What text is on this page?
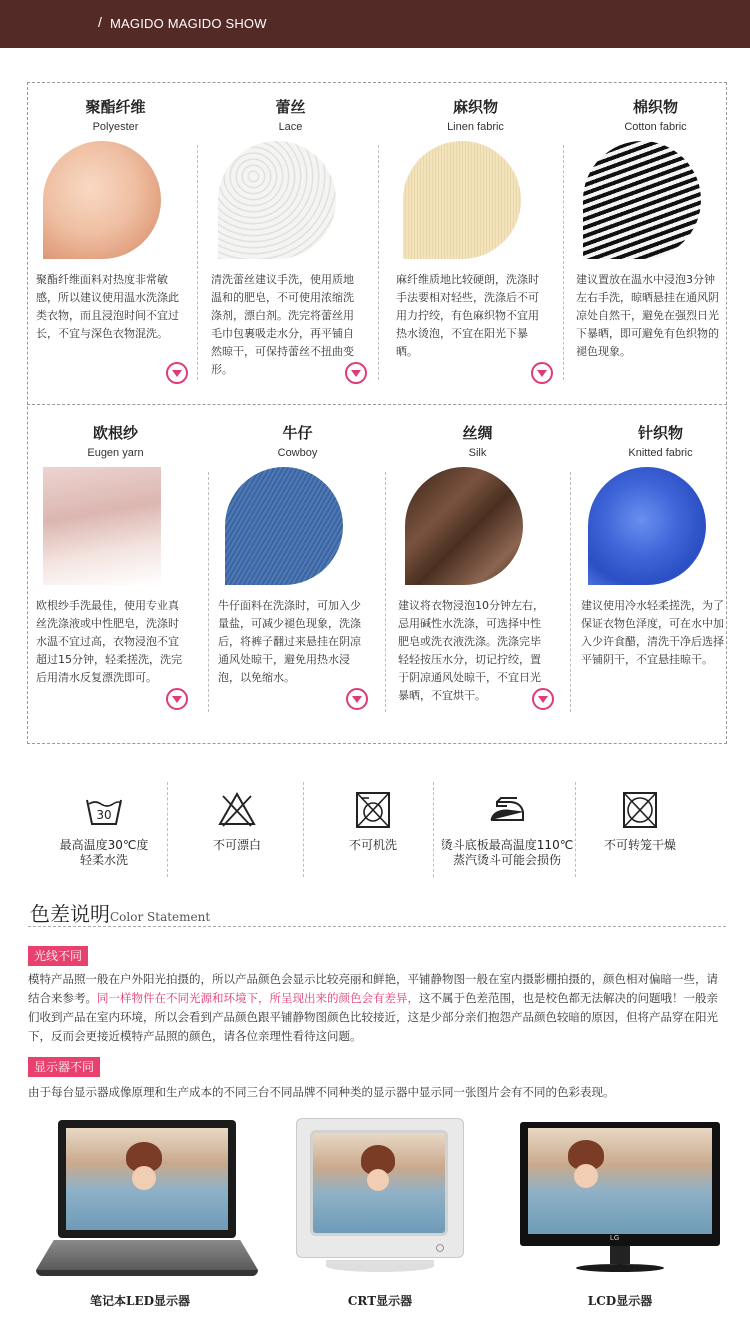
/ MAGIDO MAGIDO SHOW
聚酯纤维
Polyester
聚酯纤维面料对热度非常敏感，所以建议使用温水洗涤此类衣物，而且浸泡时间不宜过长，不宜与深色衣物混洗。
蕾丝
Lace
清洗蕾丝建议手洗，使用质地温和的肥皂，不可使用浓缩洗涤剂，漂白剂。洗完将蕾丝用毛巾包裹吸走水分，再平铺自然晾干，可保持蕾丝不扭曲变形。
麻织物
Linen fabric
麻纤维质地比较硬朗，洗涤时手法要相对轻些，洗涤后不可用力拧绞，有色麻织物不宜用热水烫泡，不宜在阳光下暴晒。
棉织物
Cotton fabric
建议置放在温水中浸泡3分钟左右手洗，晾晒悬挂在通风阴凉处自然干，避免在强烈日光下暴晒，即可避免有色织物的褪色现象。
欧根纱
Eugen yarn
欧根纱手洗最佳，使用专业真丝洗涤液或中性肥皂，洗涤时水温不宜过高，衣物浸泡不宜超过15分钟，轻柔搓洗，洗完后用清水反复漂洗即可。
牛仔
Cowboy
牛仔面料在洗涤时，可加入少量盐，可减少褪色现象，洗涤后，将裤子翻过来悬挂在阴凉通风处晾干，避免用热水浸泡，以免缩水。
丝绸
Silk
建议将衣物浸泡10分钟左右，忌用碱性水洗涤，可选择中性肥皂或洗衣液洗涤。洗涤完毕轻轻按压水分，切记拧绞，置于阴凉通风处晾干，不宜日光暴晒，不宜烘干。
针织物
Knitted fabric
建议使用冷水轻柔搓洗，为了保证衣物色泽度，可在水中加入少许食醋，清洗干净后选择平铺阴干，不宜悬挂晾干。
30
最高温度30℃度
轻柔水洗
不可漂白	不可机洗	烫斗底板最高温度110℃
蒸汽烫斗可能会损伤
不可转笼干燥
色差说明Color Statement
光线不同
模特产品照一般在户外阳光拍摄的，所以产品颜色会显示比较亮丽和鲜艳，平铺静物图一般在室内摄影棚拍摄的，颜色相对偏暗一些，请结合来参考。同一样物件在不同光源和环境下，所呈现出来的颜色会有差异，这不属于色差范围，也是校色都无法解决的问题哦！一般亲们收到产品在室内环境，所以会看到产品颜色跟平铺静物图颜色比较接近，这是少部分亲们抱怨产品颜色较暗的原因，但将产品穿在阳光下，反而会更接近模特产品照的颜色，请各位亲理性看待这问题。
显示器不同
由于每台显示器成像原理和生产成本的不同三台不同品牌不同种类的显示器中显示同一张图片会有不同的色彩表现。
笔记本LED显示器	CRT显示器
LG
LCD显示器
